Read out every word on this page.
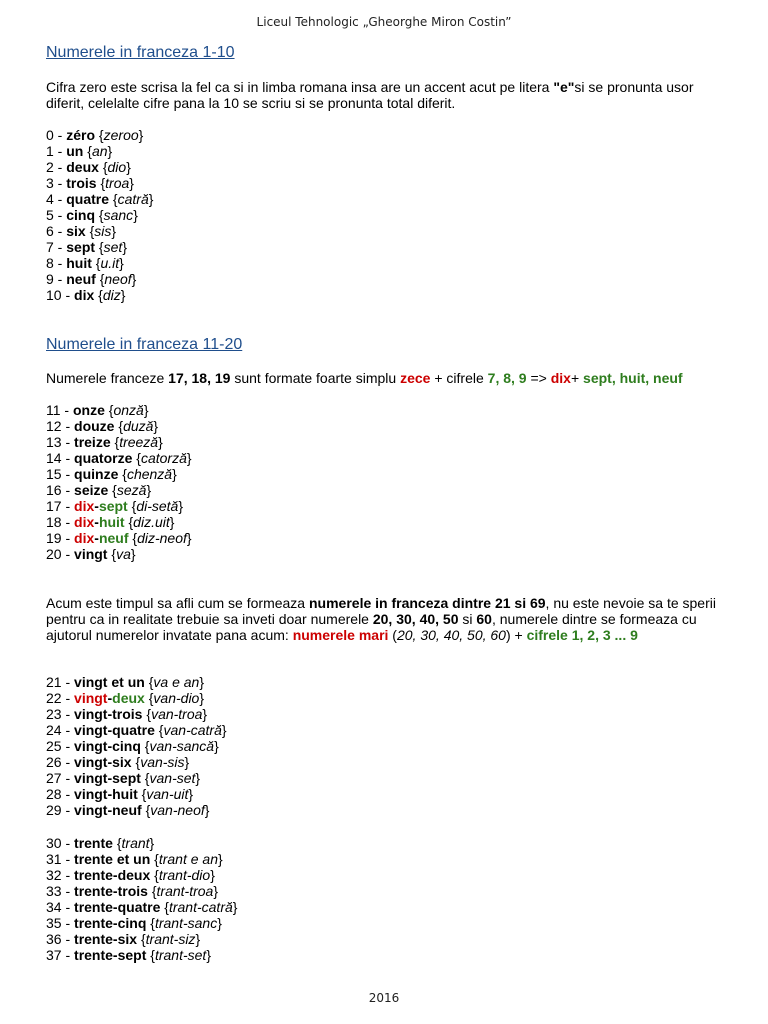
Liceul Tehnologic „Gheorghe Miron Costin”
Numerele in franceza 1-10
Cifra zero este scrisa la fel ca si in limba romana insa are un accent acut pe litera "e"si se pronunta usor diferit, celelalte cifre pana la 10 se scriu si se pronunta total diferit.
0 - zéro {zeroo}
1 - un {an}
2 - deux {dio}
3 - trois {troa}
4 - quatre {catră}
5 - cinq {sanc}
6 - six {sis}
7 - sept {set}
8 - huit {u.it}
9 - neuf {neof}
10 - dix {diz}
Numerele in franceza 11-20
Numerele franceze 17, 18, 19 sunt formate foarte simplu zece + cifrele 7, 8, 9 => dix+ sept, huit, neuf
11 - onze {onză}
12 - douze {duză}
13 - treize {treeză}
14 - quatorze {catorză}
15 - quinze {chenză}
16 - seize {seză}
17 - dix-sept {di-setă}
18 - dix-huit {diz.uit}
19 - dix-neuf {diz-neof}
20 - vingt {va}
Acum este timpul sa afli cum se formeaza numerele in franceza dintre 21 si 69, nu este nevoie sa te sperii pentru ca in realitate trebuie sa inveti doar numerele 20, 30, 40, 50 si 60, numerele dintre se formeaza cu ajutorul numerelor invatate pana acum: numerele mari (20, 30, 40, 50, 60) + cifrele 1, 2, 3 ... 9
21 - vingt et un {va e an}
22 - vingt-deux {van-dio}
23 - vingt-trois {van-troa}
24 - vingt-quatre {van-catră}
25 - vingt-cinq {van-sancă}
26 - vingt-six {van-sis}
27 - vingt-sept {van-set}
28 - vingt-huit {van-uit}
29 - vingt-neuf {van-neof}
30 - trente {trant}
31 - trente et un {trant e an}
32 - trente-deux {trant-dio}
33 - trente-trois {trant-troa}
34 - trente-quatre {trant-catră}
35 - trente-cinq {trant-sanc}
36 - trente-six {trant-siz}
37 - trente-sept {trant-set}
2016
